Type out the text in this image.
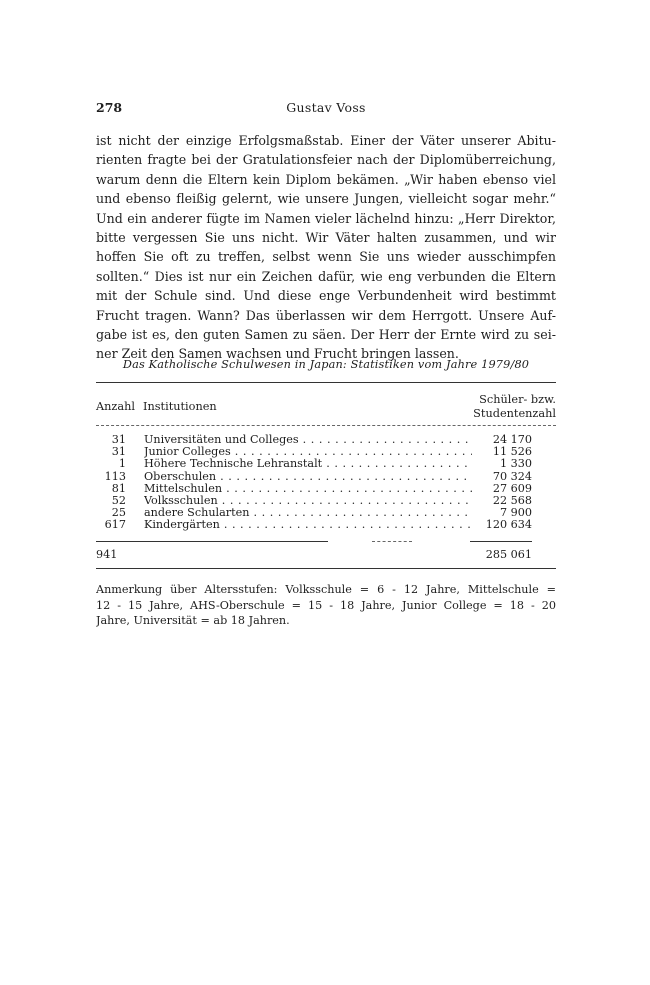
278	Gustav Voss
ist nicht der einzige Erfolgsmaßstab. Einer der Väter unserer Abitu-
rienten fragte bei der Gratulationsfeier nach der Diplomüberreichung,
warum denn die Eltern kein Diplom bekämen. „Wir haben ebenso viel
und ebenso fleißig gelernt, wie unsere Jungen, vielleicht sogar mehr.“
Und ein anderer fügte im Namen vieler lächelnd hinzu: „Herr Direktor,
bitte vergessen Sie uns nicht. Wir Väter halten zusammen, und wir
hoffen Sie oft zu treffen, selbst wenn Sie uns wieder ausschimpfen
sollten.“ Dies ist nur ein Zeichen dafür, wie eng verbunden die Eltern
mit der Schule sind. Und diese enge Verbundenheit wird bestimmt
Frucht tragen. Wann? Das überlassen wir dem Herrgott. Unsere Auf-
gabe ist es, den guten Samen zu säen. Der Herr der Ernte wird zu sei-
ner Zeit den Samen wachsen und Frucht bringen lassen.
Das Katholische Schulwesen in Japan: Statistiken vom Jahre 1979/80
Anzahl Institutionen
Schüler- bzw.
Studentenzahl
31 Universitäten und Colleges . . .	24 170
31 Junior Colleges . . .	11 526
1 Höhere Technische Lehranstalt . . .	1 330
113 Oberschulen . . .	70 324
81 Mittelschulen . . .	27 609
52 Volksschulen . . .	22 568
25 andere Schularten . . .	7 900
617 Kindergärten . . .	120 634
941	285 061
Anmerkung über Altersstufen: Volksschule = 6 - 12 Jahre, Mittelschule =
12 - 15 Jahre, AHS-Oberschule = 15 - 18 Jahre, Junior College = 18 - 20
Jahre, Universität = ab 18 Jahren.
